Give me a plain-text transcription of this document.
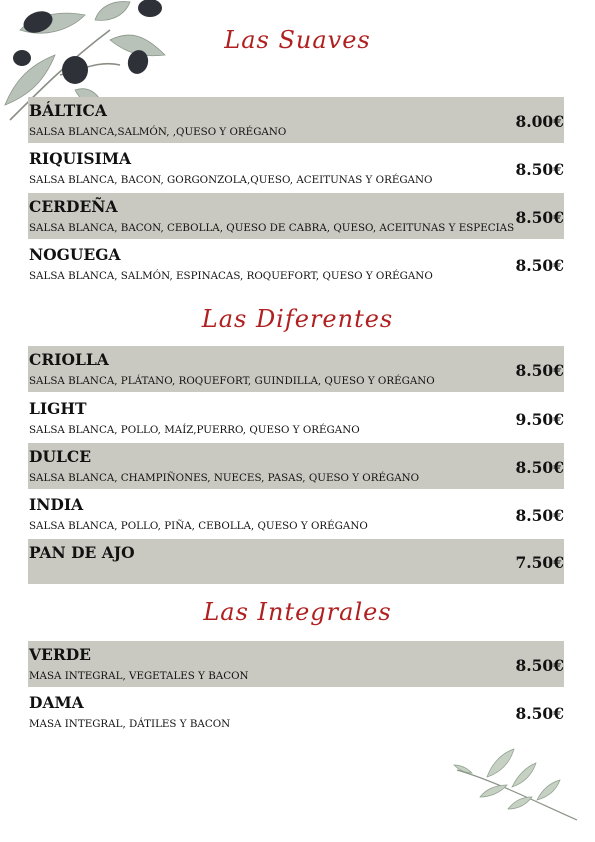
Las Suaves
BÁLTICA
SALSA BLANCA,SALMÓN, ,QUESO Y ORÉGANO
8.00€
RIQUISIMA
SALSA BLANCA, BACON, GORGONZOLA,QUESO, ACEITUNAS Y ORÉGANO
8.50€
CERDEÑA
SALSA BLANCA, BACON, CEBOLLA, QUESO DE CABRA, QUESO, ACEITUNAS Y ESPECIAS
8.50€
NOGUEGA
SALSA BLANCA, SALMÓN, ESPINACAS, ROQUEFORT, QUESO Y ORÉGANO
8.50€
Las Diferentes
CRIOLLA
SALSA BLANCA, PLÁTANO, ROQUEFORT, GUINDILLA, QUESO Y ORÉGANO
8.50€
LIGHT
SALSA BLANCA, POLLO, MAÍZ,PUERRO, QUESO Y ORÉGANO
9.50€
DULCE
SALSA BLANCA, CHAMPIÑONES, NUECES, PASAS, QUESO Y ORÉGANO
8.50€
INDIA
SALSA BLANCA, POLLO, PIÑA, CEBOLLA, QUESO Y ORÉGANO
8.50€
PAN DE AJO
7.50€
Las Integrales
VERDE
MASA INTEGRAL, VEGETALES Y BACON
8.50€
DAMA
MASA INTEGRAL, DÁTILES Y BACON
8.50€
